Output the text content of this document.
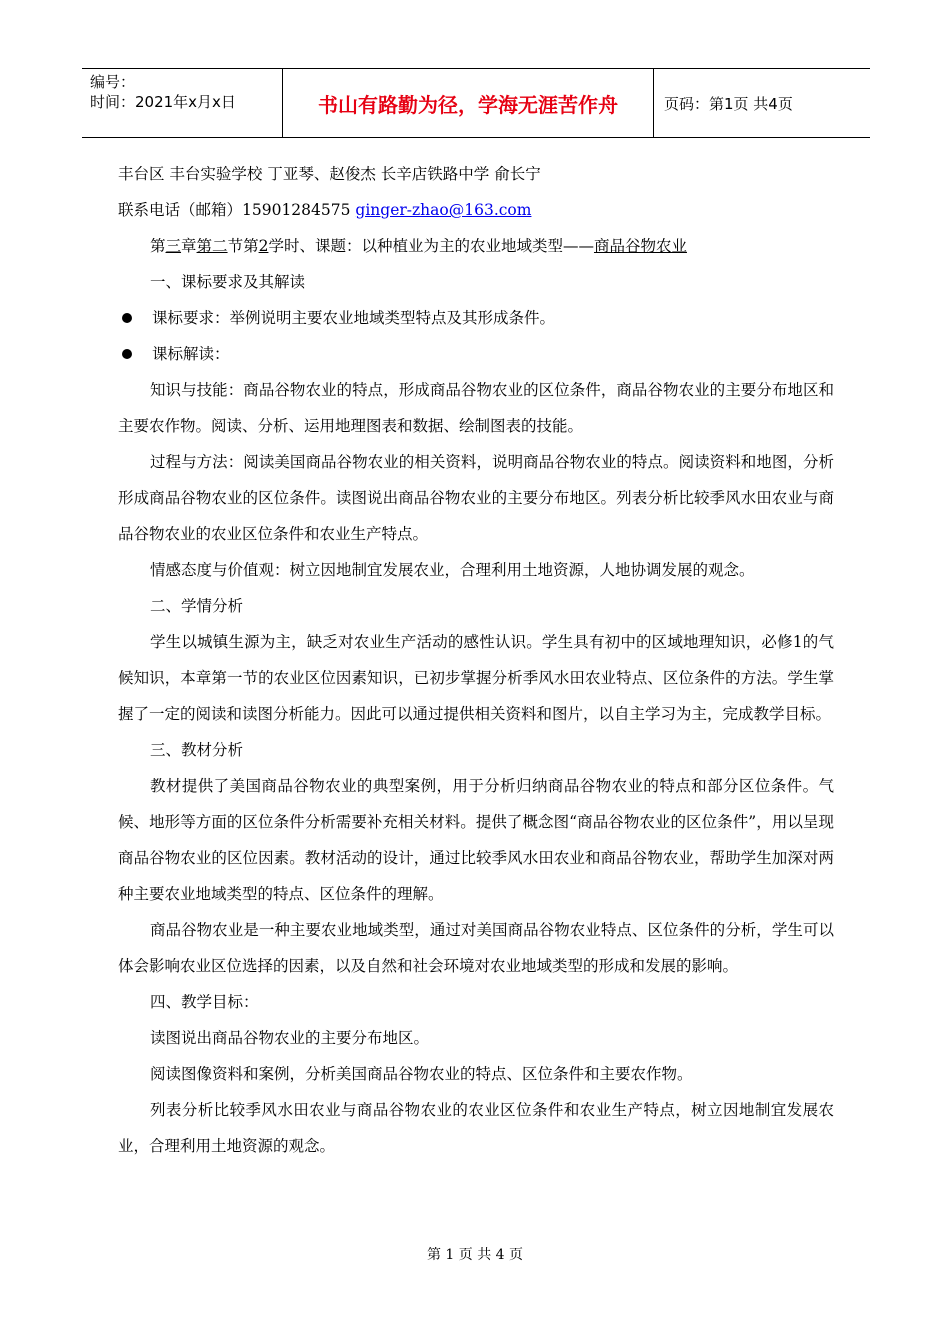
编号：
时间：2021年x月x日	书山有路勤为径，学海无涯苦作舟	页码：第1页 共4页

丰台区 丰台实验学校 丁亚琴、赵俊杰 长辛店铁路中学 俞长宁

联系电话（邮箱）15901284575 ginger-zhao@163.com

第三章第二节第2学时、课题：以种植业为主的农业地域类型——商品谷物农业

一、课标要求及其解读

课标要求：举例说明主要农业地域类型特点及其形成条件。
课标解读：

知识与技能：商品谷物农业的特点，形成商品谷物农业的区位条件，商品谷物农业的主要分布地区和主要农作物。阅读、分析、运用地理图表和数据、绘制图表的技能。

过程与方法：阅读美国商品谷物农业的相关资料，说明商品谷物农业的特点。阅读资料和地图，分析形成商品谷物农业的区位条件。读图说出商品谷物农业的主要分布地区。列表分析比较季风水田农业与商品谷物农业的农业区位条件和农业生产特点。

情感态度与价值观：树立因地制宜发展农业，合理利用土地资源，人地协调发展的观念。

二、学情分析

学生以城镇生源为主，缺乏对农业生产活动的感性认识。学生具有初中的区域地理知识，必修1的气候知识，本章第一节的农业区位因素知识，已初步掌握分析季风水田农业特点、区位条件的方法。学生掌握了一定的阅读和读图分析能力。因此可以通过提供相关资料和图片，以自主学习为主，完成教学目标。

三、教材分析

教材提供了美国商品谷物农业的典型案例，用于分析归纳商品谷物农业的特点和部分区位条件。气候、地形等方面的区位条件分析需要补充相关材料。提供了概念图“商品谷物农业的区位条件”，用以呈现商品谷物农业的区位因素。教材活动的设计，通过比较季风水田农业和商品谷物农业，帮助学生加深对两种主要农业地域类型的特点、区位条件的理解。

商品谷物农业是一种主要农业地域类型，通过对美国商品谷物农业特点、区位条件的分析，学生可以体会影响农业区位选择的因素，以及自然和社会环境对农业地域类型的形成和发展的影响。

四、教学目标：

读图说出商品谷物农业的主要分布地区。

阅读图像资料和案例，分析美国商品谷物农业的特点、区位条件和主要农作物。

列表分析比较季风水田农业与商品谷物农业的农业区位条件和农业生产特点，树立因地制宜发展农业，合理利用土地资源的观念。

第 1 页 共 4 页
